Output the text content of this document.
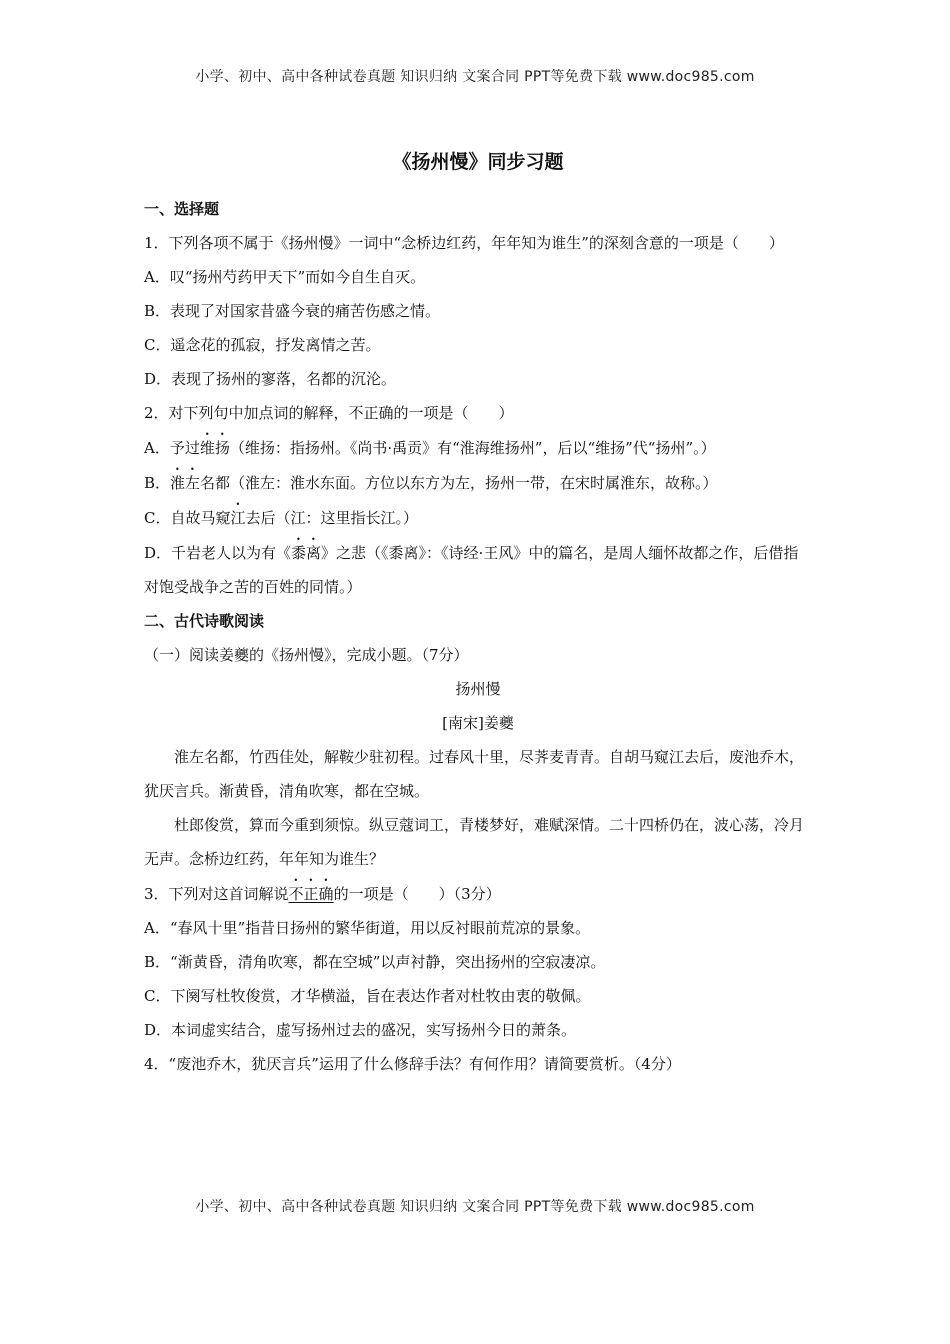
小学、初中、高中各种试卷真题 知识归纳 文案合同 PPT等免费下载 www.doc985.com
《扬州慢》同步习题
一、选择题

1．下列各项不属于《扬州慢》一词中“念桥边红药，年年知为谁生”的深刻含意的一项是（　　）

A．叹“扬州芍药甲天下”而如今自生自灭。

B．表现了对国家昔盛今衰的痛苦伤感之情。

C．遥念花的孤寂，抒发离情之苦。

D．表现了扬州的寥落，名都的沉沦。

2．对下列句中加点词的解释，不正确的一项是（　　）

A．予过维扬（维扬：指扬州。《尚书·禹贡》有“淮海维扬州”，后以“维扬”代“扬州”。）

B．淮左名都（淮左：淮水东面。方位以东方为左，扬州一带，在宋时属淮东，故称。）

C．自故马窥江去后（江：这里指长江。）

D．千岩老人以为有《黍离》之悲（《黍离》：《诗经·王风》中的篇名，是周人缅怀故都之作，后借指对饱受战争之苦的百姓的同情。）

二、古代诗歌阅读

（一）阅读姜夔的《扬州慢》，完成小题。（7分）

扬州慢

[南宋]姜夔

淮左名都，竹西佳处，解鞍少驻初程。过春风十里，尽荠麦青青。自胡马窥江去后，废池乔木，犹厌言兵。渐黄昏，清角吹寒，都在空城。

杜郎俊赏，算而今重到须惊。纵豆蔻词工，青楼梦好，难赋深情。二十四桥仍在，波心荡，冷月无声。念桥边红药，年年知为谁生？

3．下列对这首词解说不正确的一项是（　　）（3分）

A．“春风十里”指昔日扬州的繁华街道，用以反衬眼前荒凉的景象。

B．“渐黄昏，清角吹寒，都在空城”以声衬静，突出扬州的空寂凄凉。

C．下阕写杜牧俊赏，才华横溢，旨在表达作者对杜牧由衷的敬佩。

D．本词虚实结合，虚写扬州过去的盛况，实写扬州今日的萧条。

4．“废池乔木，犹厌言兵”运用了什么修辞手法？有何作用？请简要赏析。（4分）

小学、初中、高中各种试卷真题 知识归纳 文案合同 PPT等免费下载 www.doc985.com
